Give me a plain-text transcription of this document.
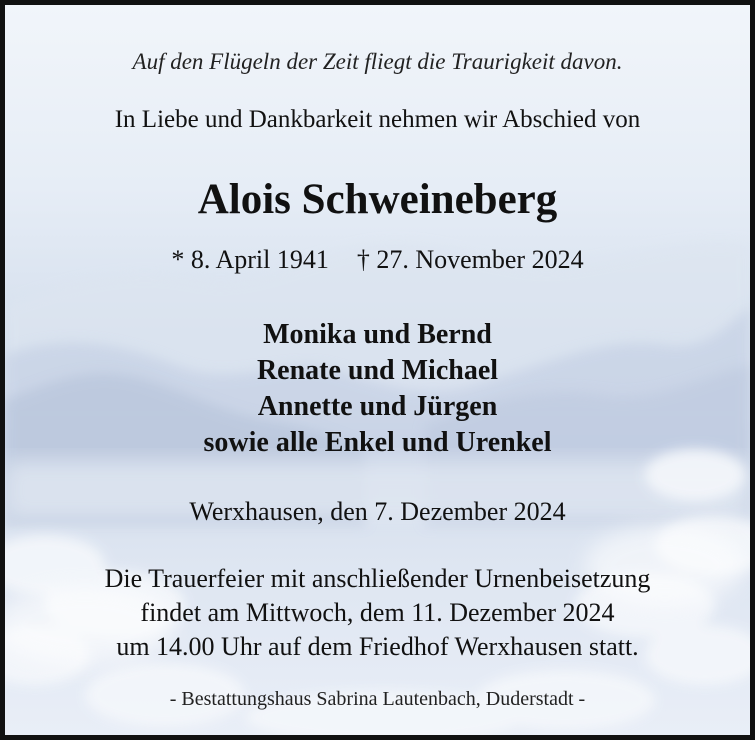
Auf den Flügeln der Zeit fliegt die Traurigkeit davon.
In Liebe und Dankbarkeit nehmen wir Abschied von
Alois Schweineberg
* 8. April 1941 † 27. November 2024
Monika und Bernd
Renate und Michael
Annette und Jürgen
sowie alle Enkel und Urenkel
Werxhausen, den 7. Dezember 2024
Die Trauerfeier mit anschließender Urnenbeisetzung
findet am Mittwoch, dem 11. Dezember 2024
um 14.00 Uhr auf dem Friedhof Werxhausen statt.
- Bestattungshaus Sabrina Lautenbach, Duderstadt -
